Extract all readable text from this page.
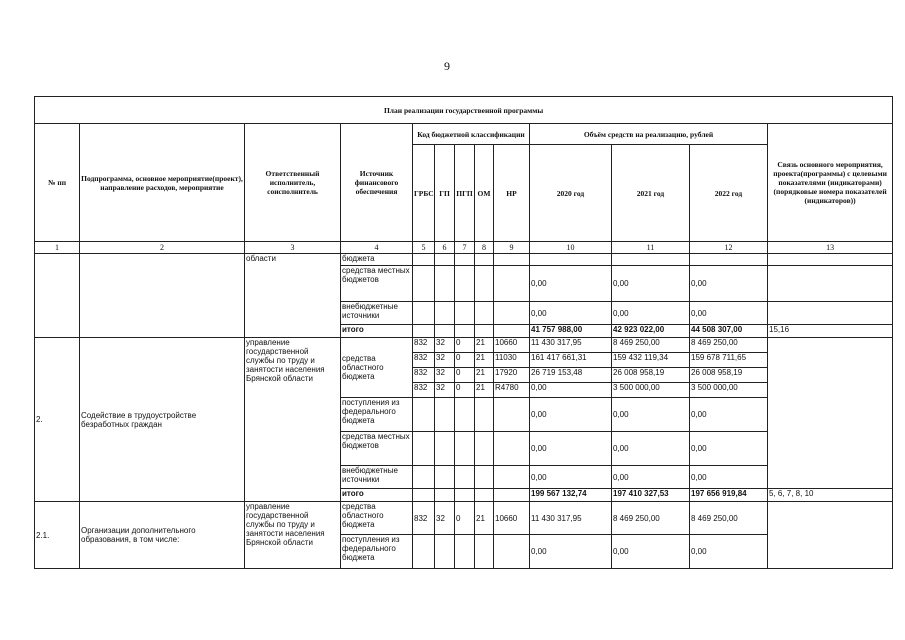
9
План реализации государственной программы												
№ пп	Подпрограмма, основное мероприятие(проект), направление расходов, мероприятие	Ответственный исполнитель, соисполнитель	Источник финансового обеспечения	Код бюджетной классификации					Объём средств на реализацию, рублей			Связь основного мероприятия, проекта(программы) с целевыми показателями (индикаторами) (порядковые номера показателей (индикаторов))
				ГРБС	ГП	ПГП	ОМ	НР	2020 год	2021 год	2022 год	
1	2	3	4	5	6	7	8	9	10	11	12	13
		области	бюджета									
			средства местных бюджетов						0,00	0,00	0,00	
			внебюджетные источники						0,00	0,00	0,00	
			итого						41 757 988,00	42 923 022,00	44 508 307,00	15,16
2.	Содействие в трудоустройстве безработных граждан	управление государственной службы по труду и занятости населения Брянской области	средства областного бюджета	832	32	0	21	10660	11 430 317,95	8 469 250,00	8 469 250,00	
				832	32	0	21	11030	161 417 661,31	159 432 119,34	159 678 711,65	
				832	32	0	21	17920	26 719 153,48	26 008 958,19	26 008 958,19	
				832	32	0	21	R4780	0,00	3 500 000,00	3 500 000,00	
			поступления из федерального бюджета						0,00	0,00	0,00	
			средства местных бюджетов						0,00	0,00	0,00	
			внебюджетные источники						0,00	0,00	0,00	
			итого						199 567 132,74	197 410 327,53	197 656 919,84	5, 6, 7, 8, 10
2.1.	Организации дополнительного образования, в том числе:	управление государственной службы по труду и занятости населения Брянской области	средства областного бюджета	832	32	0	21	10660	11 430 317,95	8 469 250,00	8 469 250,00	
			поступления из федерального бюджета						0,00	0,00	0,00	
